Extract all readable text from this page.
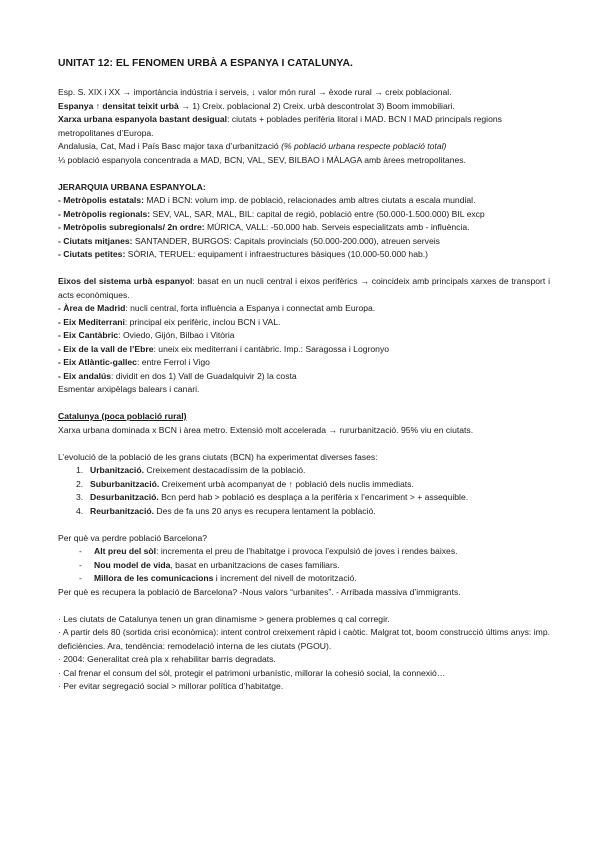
UNITAT 12: EL FENOMEN URBÀ A ESPANYA I CATALUNYA.

Esp. S. XIX i XX → importància indústria i serveis, ↓ valor món rural → èxode rural → creix poblacional.

Espanya ↑ densitat teixit urbà → 1) Creix. poblacional 2) Creix. urbà descontrolat 3) Boom immobiliari.

Xarxa urbana espanyola bastant desigual: ciutats + poblades perifèria litoral i MAD. BCN I MAD principals regions metropolitanes d’Europa.

Andalusia, Cat, Mad i País Basc major taxa d’urbanització (% població urbana respecte població total)

⅓ població espanyola concentrada a MAD, BCN, VAL, SEV, BILBAO i MÀLAGA amb àrees metropolitanes.

JERARQUIA URBANA ESPANYOLA:

- Metròpolis estatals: MAD i BCN: volum imp. de població, relacionades amb altres ciutats a escala mundial.

- Metròpolis regionals: SEV, VAL, SAR, MAL, BIL: capital de regió, població entre (50.000-1.500.000) BIL excp

- Metròpolis subregionals/ 2n ordre: MÚRICA, VALL: -50.000 hab. Serveis especialitzats amb - influència.

- Ciutats mitjanes: SANTANDER, BURGOS: Capitals provincials (50.000-200.000), atreuen serveis

- Ciutats petites: SÒRIA, TERUEL: equipament i infraestructures bàsiques (10.000-50.000 hab.)

Eixos del sistema urbà espanyol: basat en un nucli central i eixos perifèrics → coincideix amb principals xarxes de transport i acts econòmiques.

- Àrea de Madrid: nucli central, forta influència a Espanya i connectat amb Europa.

- Eix Mediterrani: principal eix perifèric, inclou BCN i VAL.

- Eix Cantàbric: Oviedo, Gijón, Bilbao i Vitòria

- Eix de la vall de l’Ebre: uneix eix mediterrani i cantàbric. Imp.: Saragossa i Logronyo

- Eix Atlàntic-gallec: entre Ferrol i Vigo

- Eix andalús: dividit en dos 1) Vall de Guadalquivir 2) la costa

Esmentar arxipèlags balears i canari.

Catalunya (poca població rural)

Xarxa urbana dominada x BCN i àrea metro. Extensió molt accelerada → rururbanització. 95% viu en ciutats.

L’evolució de la població de les grans ciutats (BCN) ha experimentat diverses fases:

1. Urbanització. Creixement destacadíssim de la població.
2. Suburbanització. Creixement urbà acompanyat de ↑ població dels nuclis immediats.
3. Desurbanització. Bcn perd hab > població es desplaça a la perifèria x l’encariment > + assequible.
4. Reurbanització. Des de fa uns 20 anys es recupera lentament la població.

Per què va perdre població Barcelona?

- Alt preu del sòl: incrementa el preu de l’habitatge i provoca l’expulsió de joves i rendes baixes.
- Nou model de vida, basat en urbanitzacions de cases familiars.
- Millora de les comunicacions i increment del nivell de motorització.

Per què es recupera la població de Barcelona? -Nous valors “urbanites”. - Arribada massiva d’immigrants.

· Les ciutats de Catalunya tenen un gran dinamisme > genera problemes q cal corregir.

· A partir dels 80 (sortida crisi econòmica): intent control creixement ràpid i caòtic. Malgrat tot, boom construcció últims anys: imp. deficiències. Ara, tendència: remodelació interna de les ciutats (PGOU).

· 2004: Generalitat creà pla x rehabilitar barris degradats.

· Cal frenar el consum del sòl, protegir el patrimoni urbanístic, millorar la cohesió social, la connexió…

· Per evitar segregació social > millorar política d’habitatge.
